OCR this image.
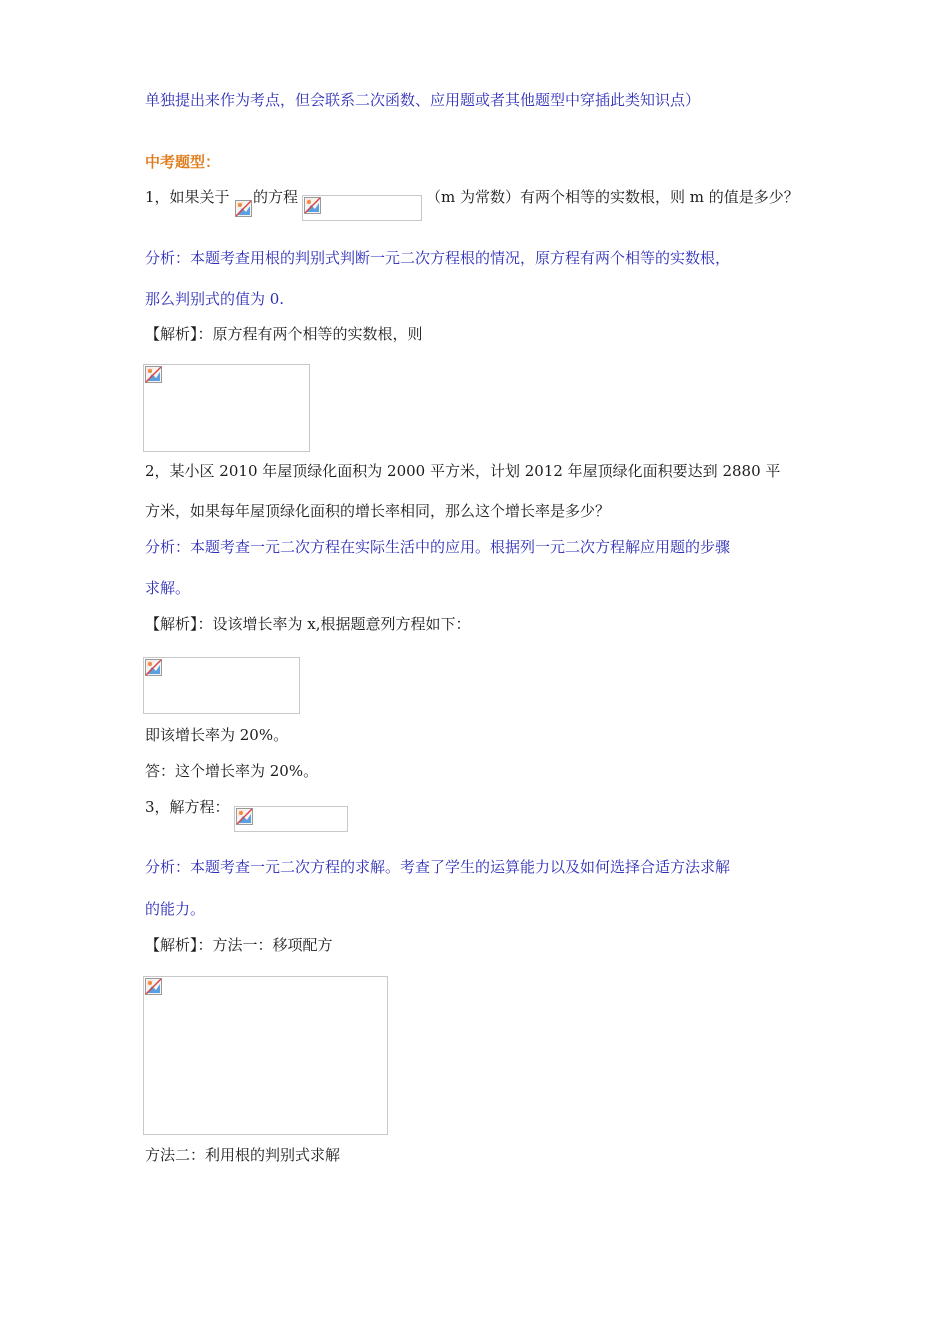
单独提出来作为考点，但会联系二次函数、应用题或者其他题型中穿插此类知识点）
中考题型：
1，如果关于 的方程	（m 为常数）有两个相等的实数根，则 m 的值是多少？
分析：本题考查用根的判别式判断一元二次方程根的情况，原方程有两个相等的实数根，
那么判别式的值为 0.
【解析】：原方程有两个相等的实数根，则
2，某小区 2010 年屋顶绿化面积为 2000 平方米，计划 2012 年屋顶绿化面积要达到 2880 平
方米，如果每年屋顶绿化面积的增长率相同，那么这个增长率是多少？
分析：本题考查一元二次方程在实际生活中的应用。根据列一元二次方程解应用题的步骤
求解。
【解析】：设该增长率为 x,根据题意列方程如下：
即该增长率为 20%。
答：这个增长率为 20%。
3，解方程：
分析：本题考查一元二次方程的求解。考查了学生的运算能力以及如何选择合适方法求解
的能力。
【解析】：方法一：移项配方
方法二：利用根的判别式求解
